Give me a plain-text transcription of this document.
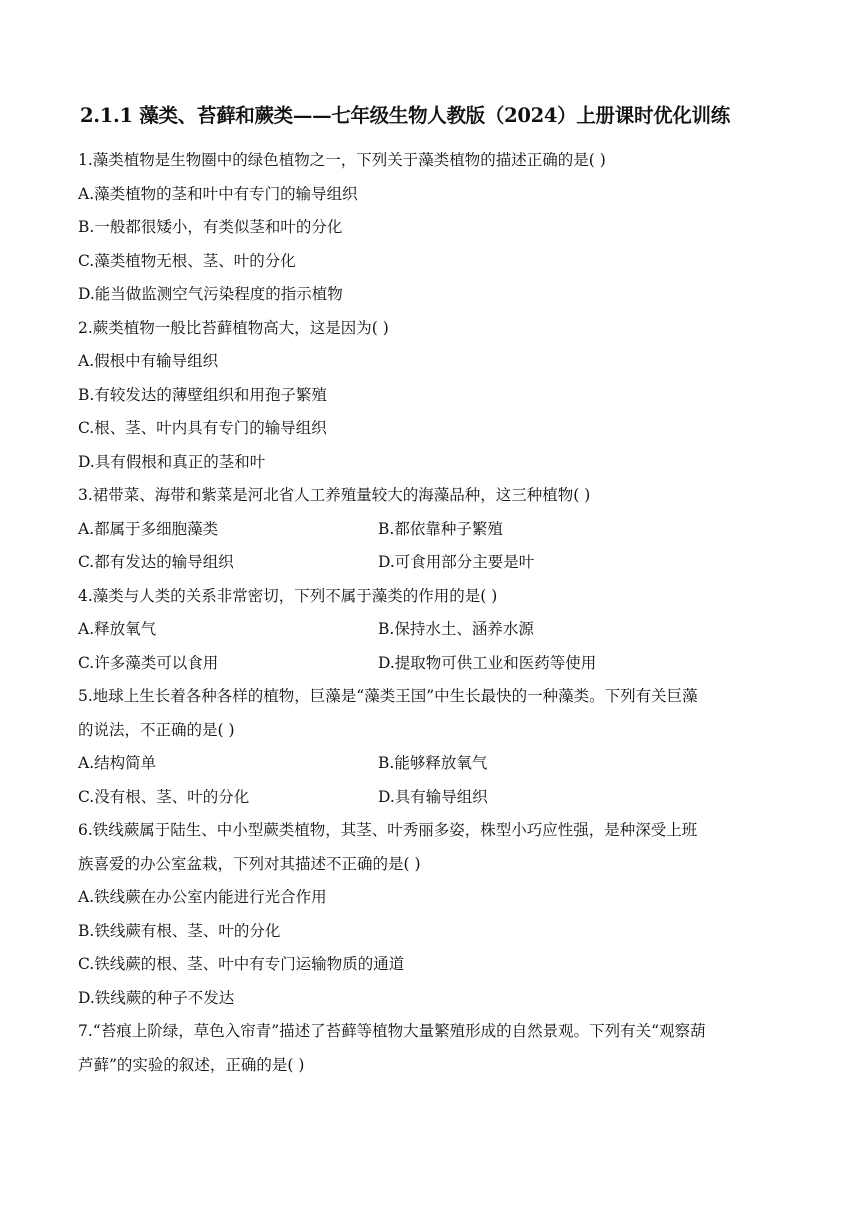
2.1.1 藻类、苔藓和蕨类——七年级生物人教版（2024）上册课时优化训练
1.藻类植物是生物圈中的绿色植物之一，下列关于藻类植物的描述正确的是( )
A.藻类植物的茎和叶中有专门的输导组织
B.一般都很矮小，有类似茎和叶的分化
C.藻类植物无根、茎、叶的分化
D.能当做监测空气污染程度的指示植物
2.蕨类植物一般比苔藓植物高大，这是因为( )
A.假根中有输导组织
B.有较发达的薄壁组织和用孢子繁殖
C.根、茎、叶内具有专门的输导组织
D.具有假根和真正的茎和叶
3.裙带菜、海带和紫菜是河北省人工养殖量较大的海藻品种，这三种植物( )
A.都属于多细胞藻类	B.都依靠种子繁殖
C.都有发达的输导组织	D.可食用部分主要是叶
4.藻类与人类的关系非常密切，下列不属于藻类的作用的是( )
A.释放氧气	B.保持水土、涵养水源
C.许多藻类可以食用	D.提取物可供工业和医药等使用
5.地球上生长着各种各样的植物，巨藻是“藻类王国”中生长最快的一种藻类。下列有关巨藻
的说法，不正确的是( )
A.结构简单	B.能够释放氧气
C.没有根、茎、叶的分化	D.具有输导组织
6.铁线蕨属于陆生、中小型蕨类植物，其茎、叶秀丽多姿，株型小巧应性强，是种深受上班
族喜爱的办公室盆栽，下列对其描述不正确的是( )
A.铁线蕨在办公室内能进行光合作用
B.铁线蕨有根、茎、叶的分化
C.铁线蕨的根、茎、叶中有专门运输物质的通道
D.铁线蕨的种子不发达
7.“苔痕上阶绿，草色入帘青”描述了苔藓等植物大量繁殖形成的自然景观。下列有关“观察葫
芦藓”的实验的叙述，正确的是( )
